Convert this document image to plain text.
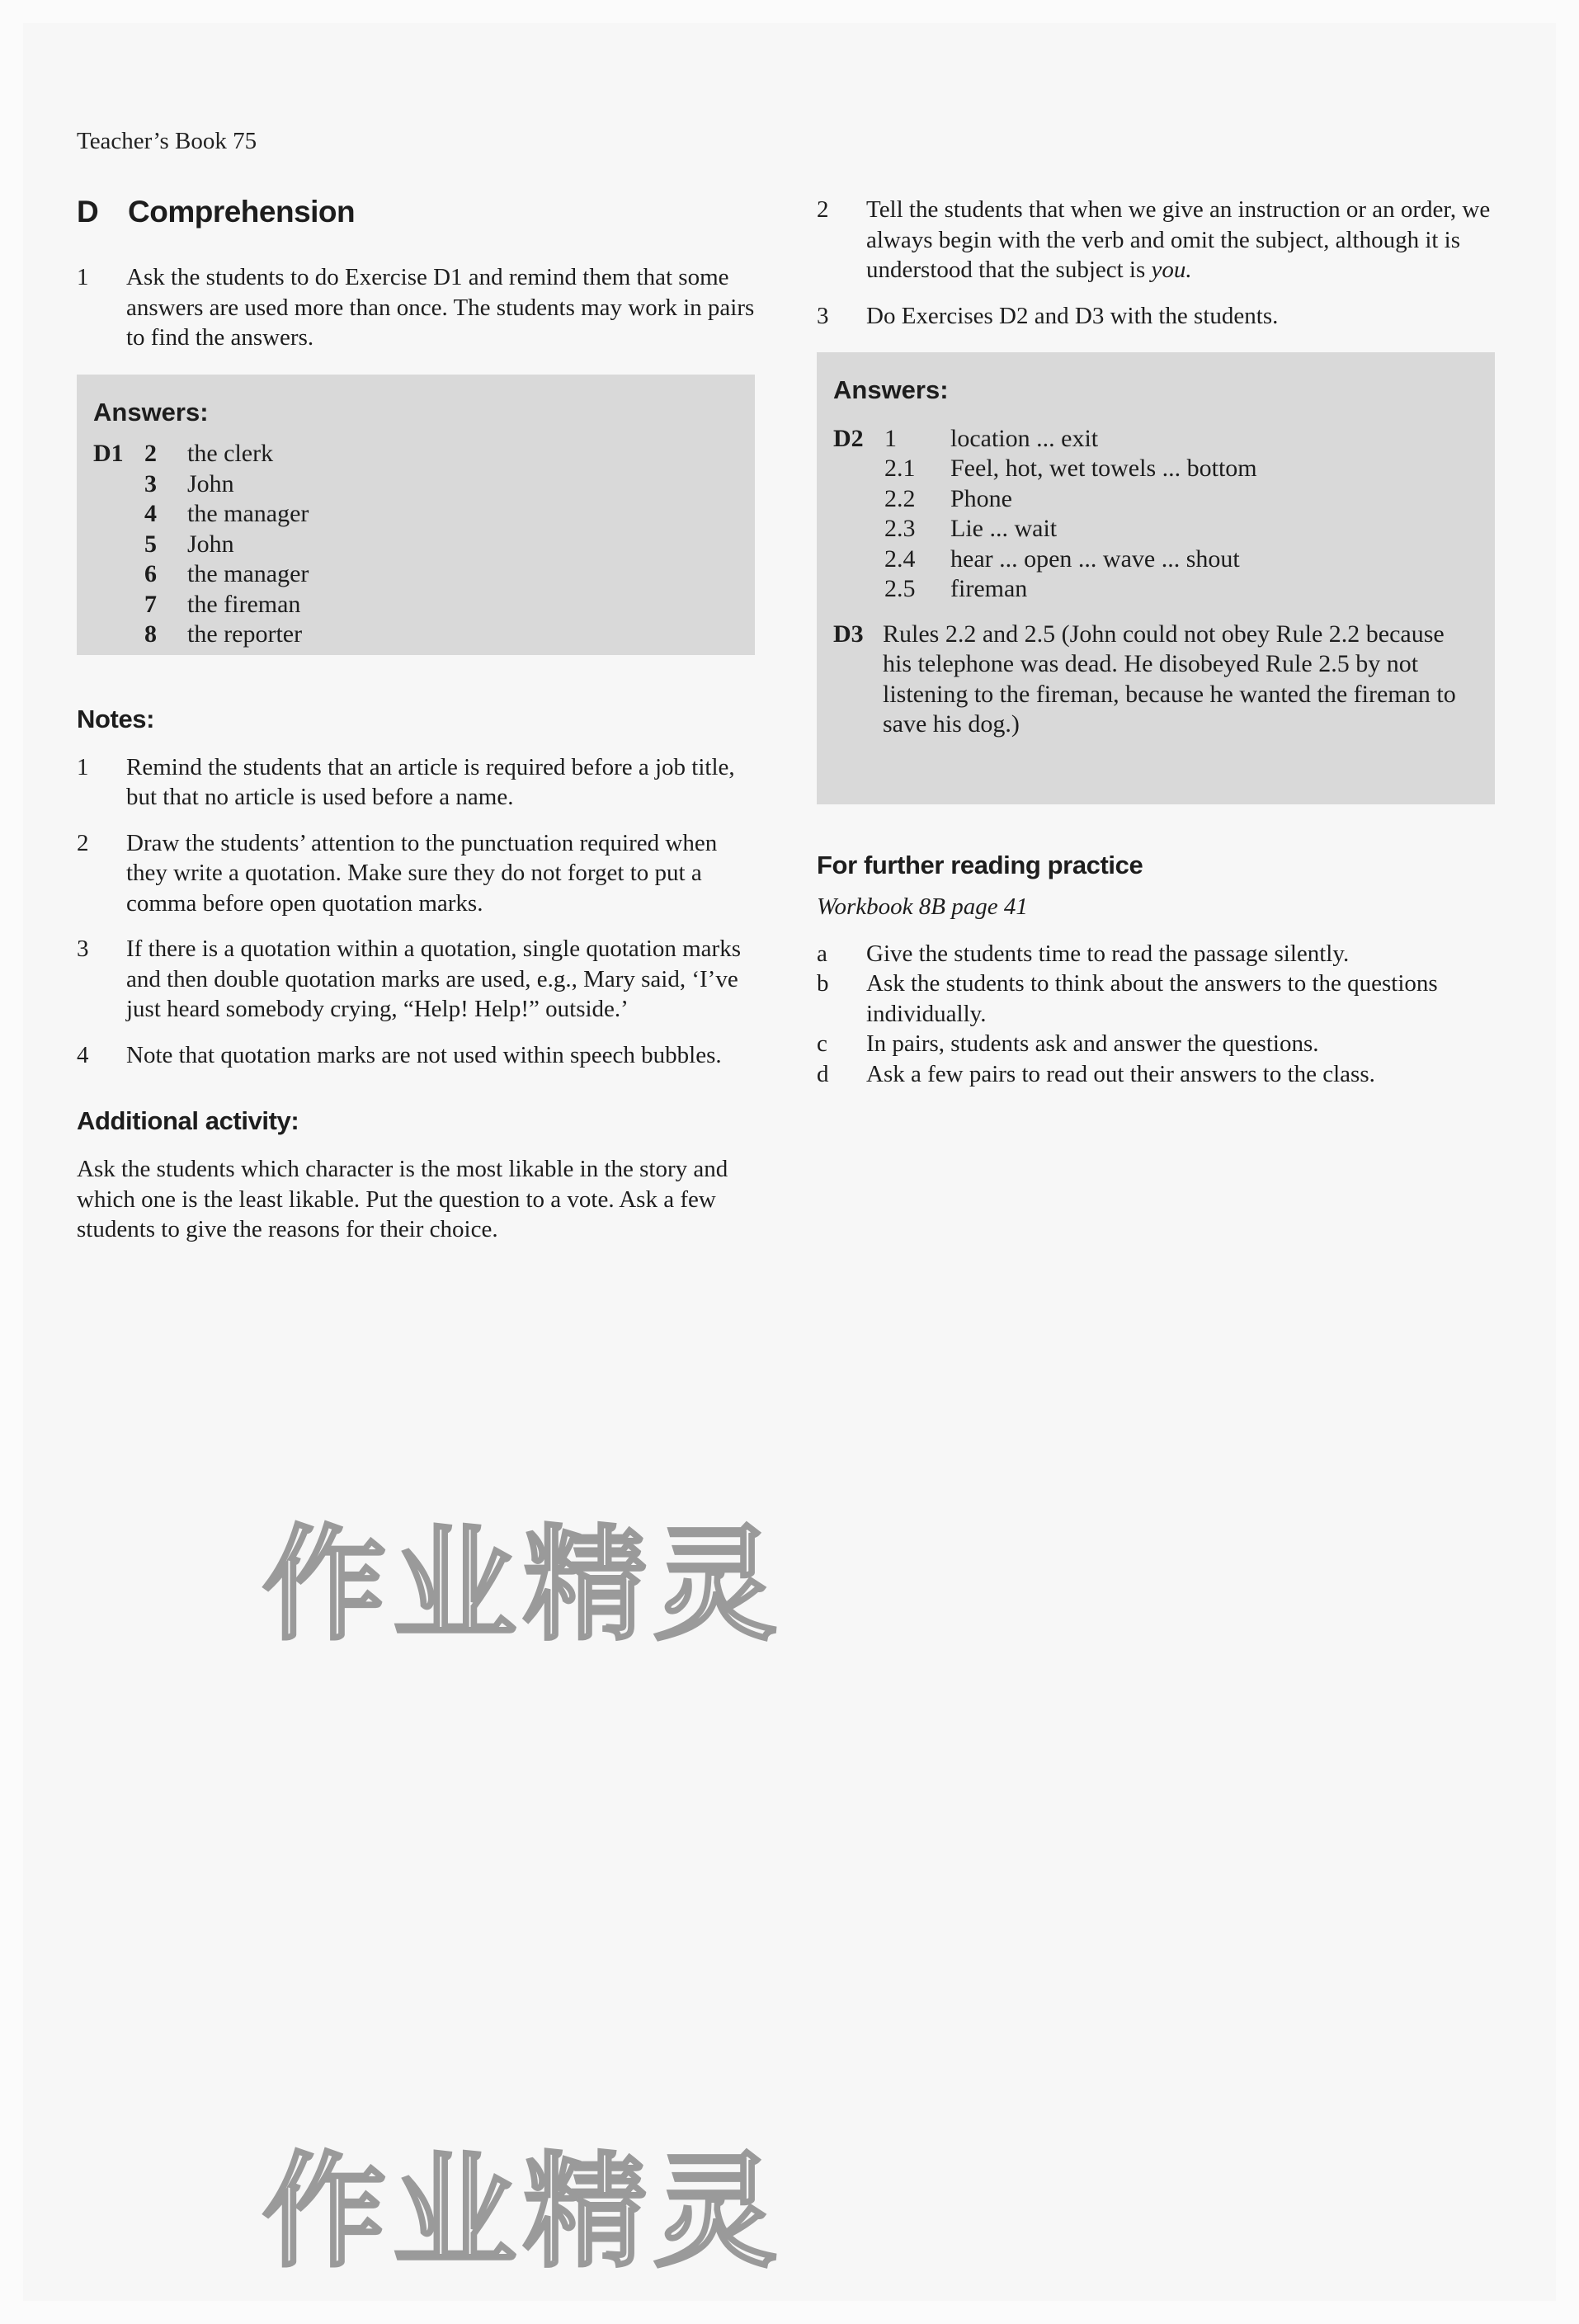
Teacher’s Book 75
D Comprehension
1	Ask the students to do Exercise D1 and remind them that some answers are used more than once. The students may work in pairs to find the answers.
Answers:
D1 2	the clerk
3	John
4	the manager
5	John
6	the manager
7	the fireman
8	the reporter
Notes:
1	Remind the students that an article is required before a job title, but that no article is used before a name.
2	Draw the students’ attention to the punctuation required when they write a quotation. Make sure they do not forget to put a comma before open quotation marks.
3	If there is a quotation within a quotation, single quotation marks and then double quotation marks are used, e.g., Mary said, ‘I’ve just heard somebody crying, “Help! Help!” outside.’
4	Note that quotation marks are not used within speech bubbles.
Additional activity:

Ask the students which character is the most likable in the story and which one is the least likable. Put the question to a vote. Ask a few students to give the reasons for their choice.

2	Tell the students that when we give an instruction or an order, we always begin with the verb and omit the subject, although it is understood that the subject is you.
3	Do Exercises D2 and D3 with the students.
Answers:
D2 1	location ... exit
2.1	Feel, hot, wet towels ... bottom
2.2	Phone
2.3	Lie ... wait
2.4	hear ... open ... wave ... shout
2.5	fireman
D3 Rules 2.2 and 2.5 (John could not obey Rule 2.2 because his telephone was dead. He disobeyed Rule 2.5 by not listening to the fireman, because he wanted the fireman to save his dog.)
For further reading practice

Workbook 8B page 41

a	Give the students time to read the passage silently.
b	Ask the students to think about the answers to the questions individually.
c	In pairs, students ask and answer the questions.
d	Ask a few pairs to read out their answers to the class.
作业精灵
作业精灵
